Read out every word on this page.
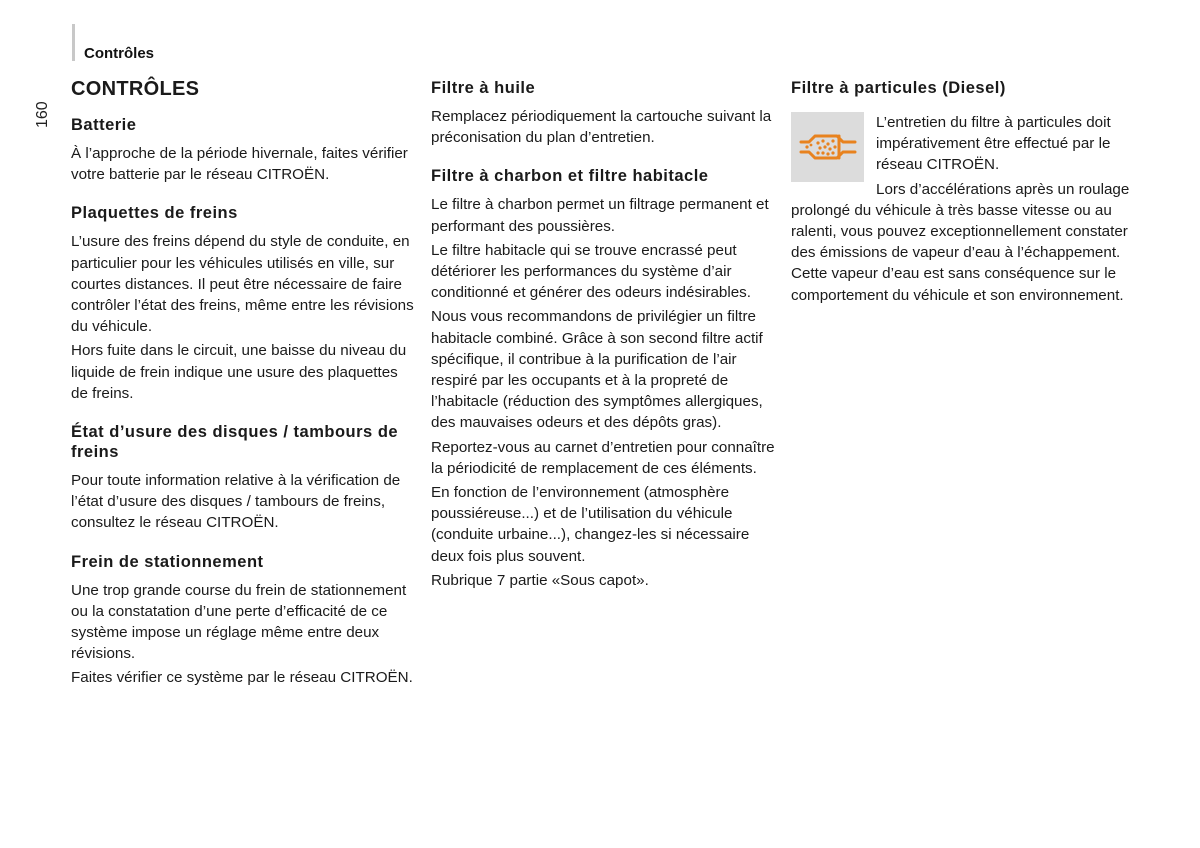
Contrôles
160
CONTRÔLES
Batterie

À l’approche de la période hivernale, faites vérifier votre batterie par le réseau CITROËN.

Plaquettes de freins

L’usure des freins dépend du style de conduite, en particulier pour les véhicules utilisés en ville, sur courtes distances. Il peut être nécessaire de faire contrôler l’état des freins, même entre les révisions du véhicule.

Hors fuite dans le circuit, une baisse du niveau du liquide de frein indique une usure des plaquettes de freins.

État d’usure des disques / tambours de freins

Pour toute information relative à la vérification de l’état d’usure des disques / tambours de freins, consultez le réseau CITROËN.

Frein de stationnement

Une trop grande course du frein de stationnement ou la constatation d’une perte d’efficacité de ce système impose un réglage même entre deux révisions.

Faites vérifier ce système par le réseau CITROËN.

Filtre à huile

Remplacez périodiquement la cartouche suivant la préconisation du plan d’entretien.

Filtre à charbon et filtre habitacle

Le filtre à charbon permet un filtrage permanent et performant des poussières.

Le filtre habitacle qui se trouve encrassé peut détériorer les performances du système d’air conditionné et générer des odeurs indésirables.

Nous vous recommandons de privilégier un filtre habitacle combiné. Grâce à son second filtre actif spécifique, il contribue à la purification de l’air respiré par les occupants et à la propreté de l’habitacle (réduction des symptômes allergiques, des mauvaises odeurs et des dépôts gras).

Reportez-vous au carnet d’entretien pour connaître la périodicité de remplacement de ces éléments.

En fonction de l’environnement (atmosphère poussiéreuse...) et de l’utilisation du véhicule (conduite urbaine...), changez-les si nécessaire deux fois plus souvent.

Rubrique 7 partie «Sous capot».

Filtre à particules (Diesel)

L’entretien du filtre à particules doit impérativement être effectué par le réseau CITROËN.

Lors d’accélérations après un roulage prolongé du véhicule à très basse vitesse ou au ralenti, vous pouvez exceptionnellement constater des émissions de vapeur d’eau à l’échappement. Cette vapeur d’eau est sans conséquence sur le comportement du véhicule et son environnement.
